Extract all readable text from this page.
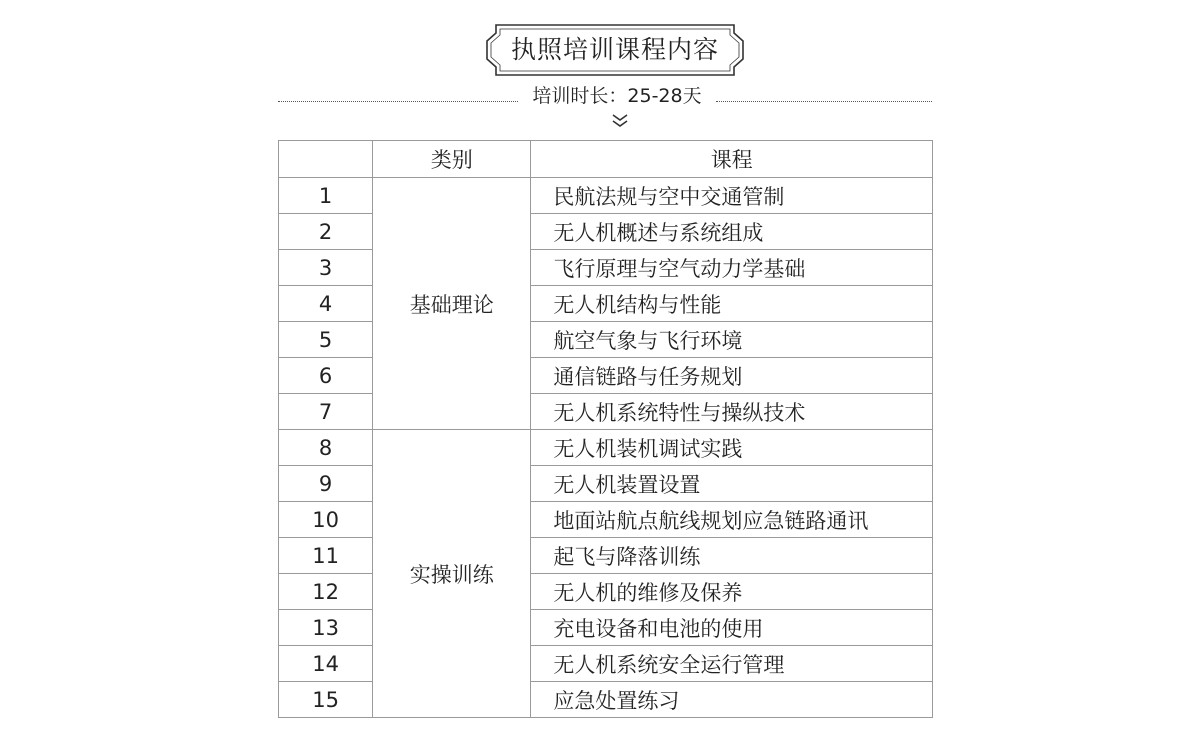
执照培训课程内容
培训时长：25-28天
	类别	课程
1	基础理论	民航法规与空中交通管制
2		无人机概述与系统组成
3		飞行原理与空气动力学基础
4		无人机结构与性能
5		航空气象与飞行环境
6		通信链路与任务规划
7		无人机系统特性与操纵技术
8	实操训练	无人机装机调试实践
9		无人机装置设置
10		地面站航点航线规划应急链路通讯
11		起飞与降落训练
12		无人机的维修及保养
13		充电设备和电池的使用
14		无人机系统安全运行管理
15		应急处置练习
